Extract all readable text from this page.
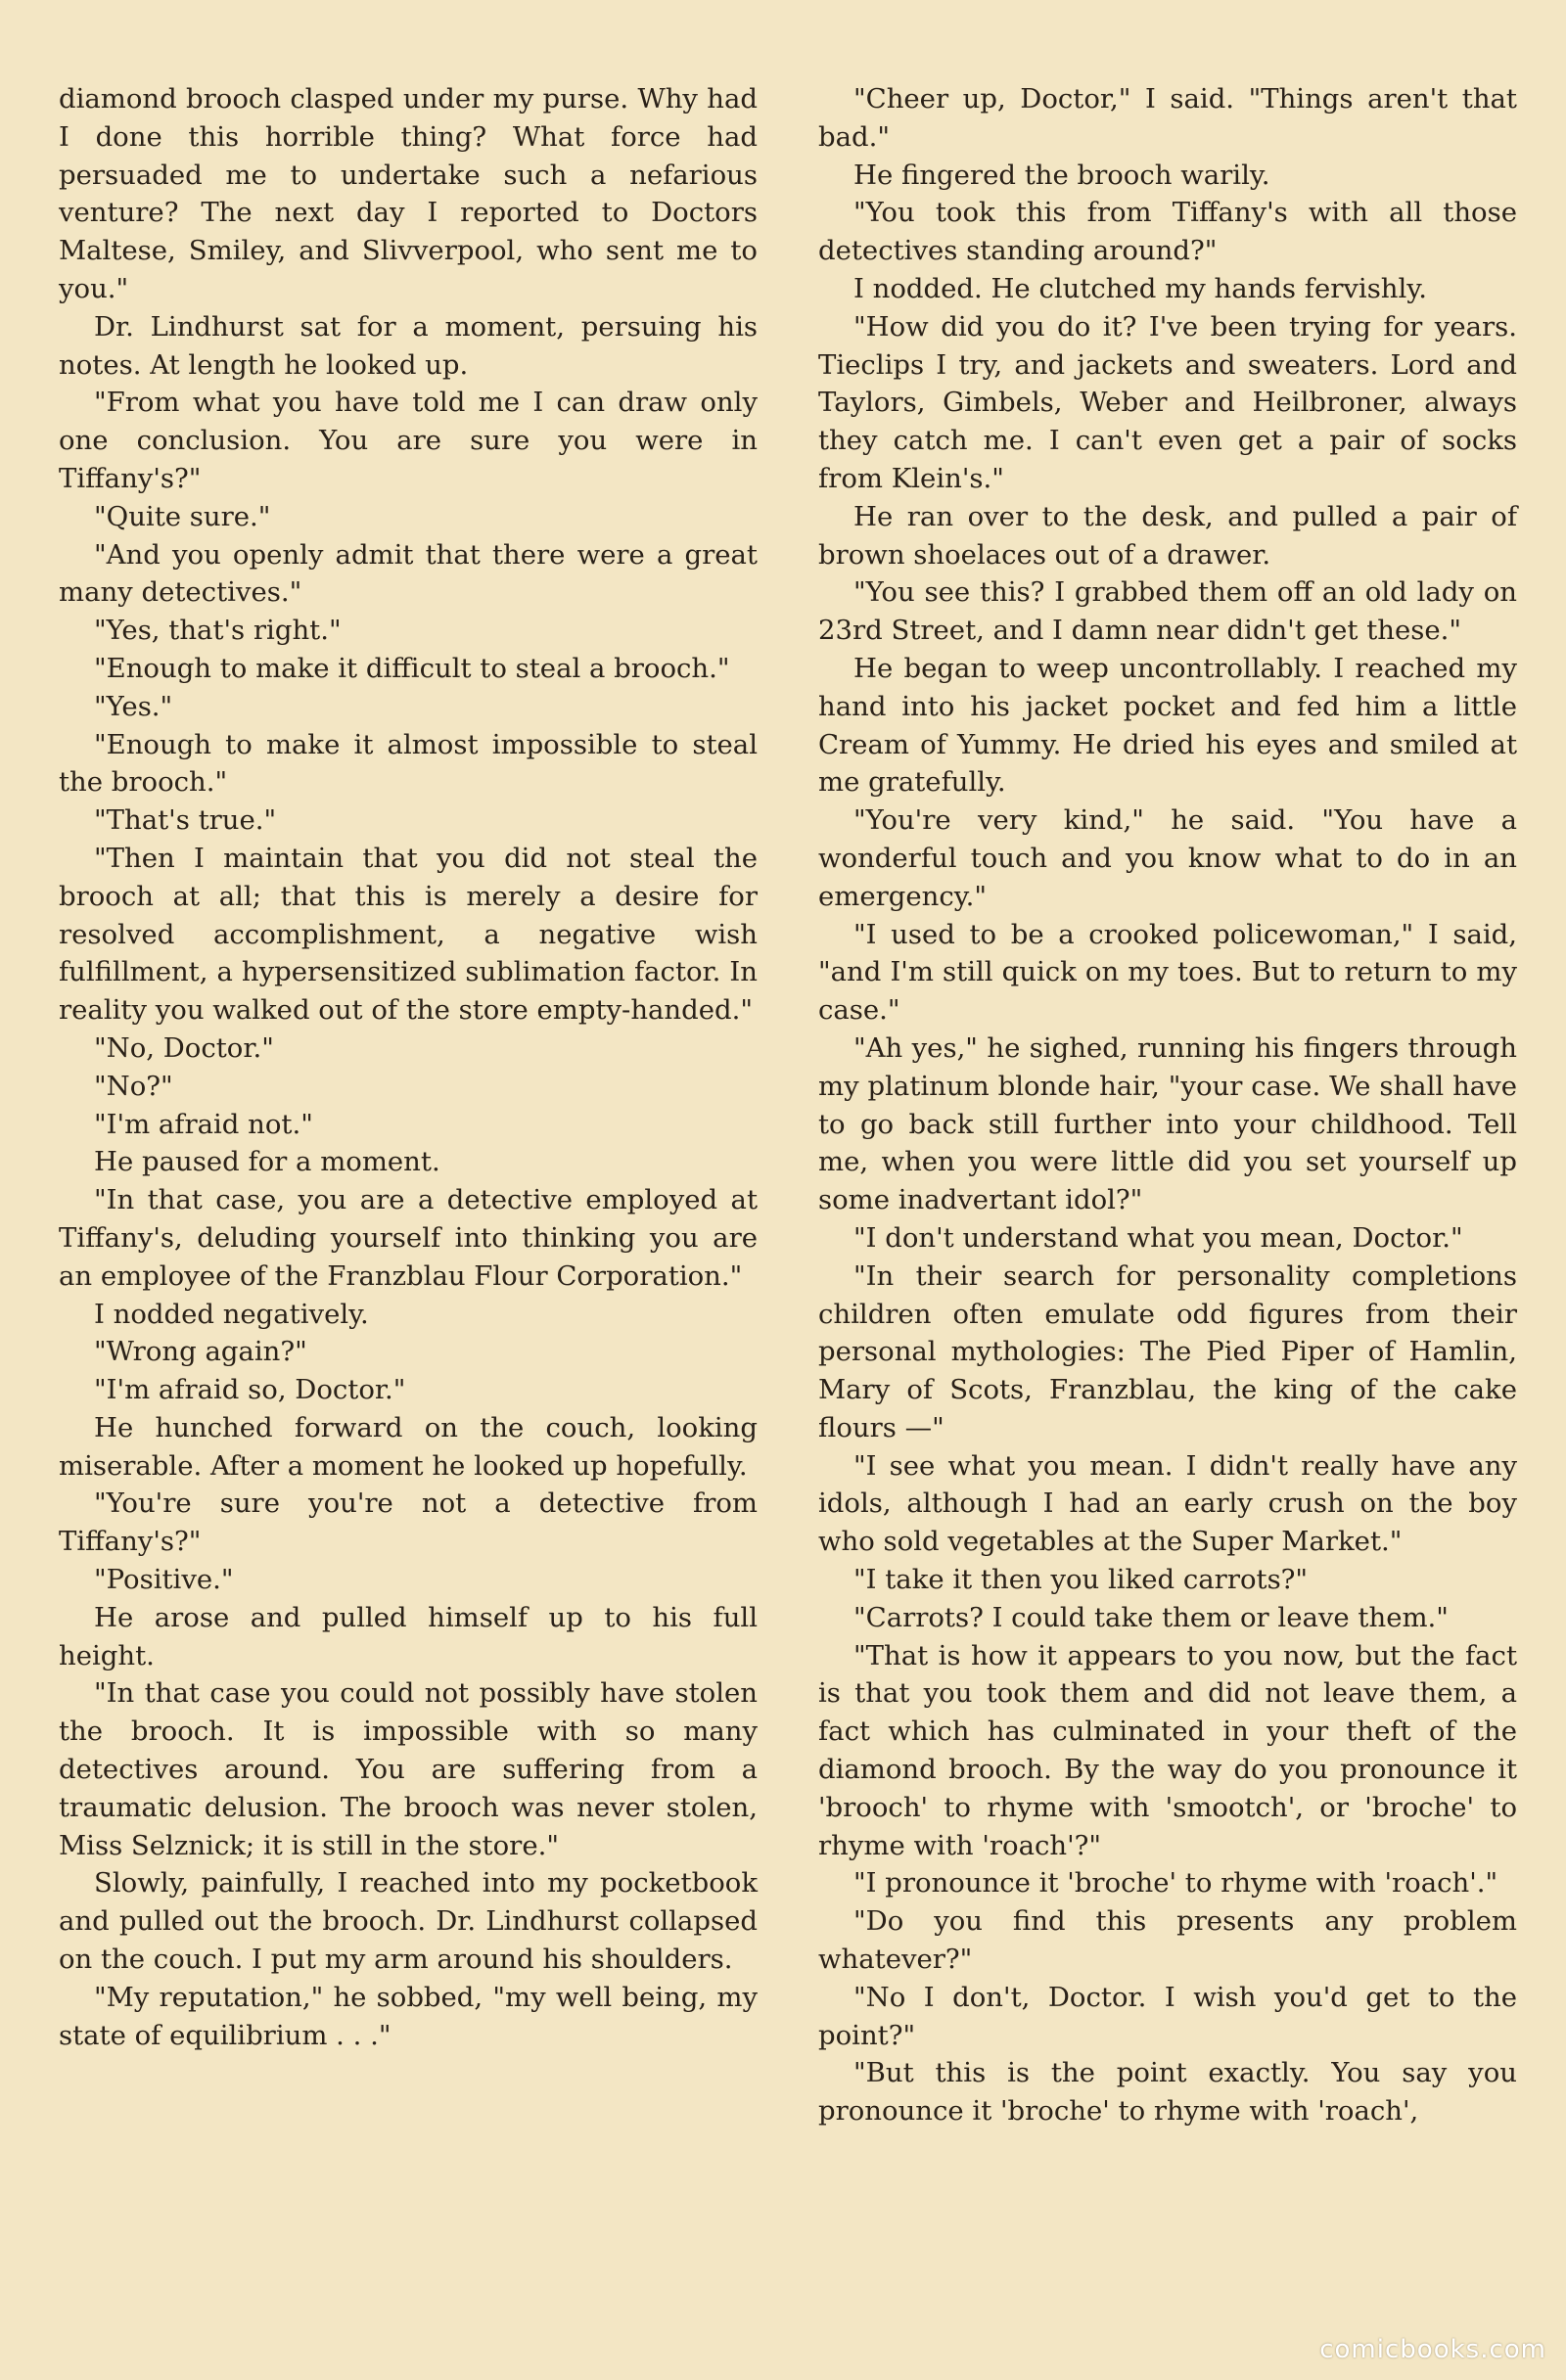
diamond brooch clasped under my purse. Why had I done this horrible thing? What force had persuaded me to undertake such a nefarious venture? The next day I reported to Doctors Maltese, Smiley, and Slivverpool, who sent me to you."

Dr. Lindhurst sat for a moment, persuing his notes. At length he looked up.

"From what you have told me I can draw only one conclusion. You are sure you were in Tiffany's?"

"Quite sure."

"And you openly admit that there were a great many detectives."

"Yes, that's right."

"Enough to make it difficult to steal a brooch."

"Yes."

"Enough to make it almost impossible to steal the brooch."

"That's true."

"Then I maintain that you did not steal the brooch at all; that this is merely a desire for resolved accomplishment, a negative wish fulfillment, a hypersensitized sublimation factor. In reality you walked out of the store empty-handed."

"No, Doctor."

"No?"

"I'm afraid not."

He paused for a moment.

"In that case, you are a detective employed at Tiffany's, deluding yourself into thinking you are an employee of the Franzblau Flour Corporation."

I nodded negatively.

"Wrong again?"

"I'm afraid so, Doctor."

He hunched forward on the couch, looking miserable. After a moment he looked up hopefully.

"You're sure you're not a detective from Tiffany's?"

"Positive."

He arose and pulled himself up to his full height.

"In that case you could not possibly have stolen the brooch. It is impossible with so many detectives around. You are suffering from a traumatic delusion. The brooch was never stolen, Miss Selznick; it is still in the store."

Slowly, painfully, I reached into my pocketbook and pulled out the brooch. Dr. Lindhurst collapsed on the couch. I put my arm around his shoulders.

"My reputation," he sobbed, "my well being, my state of equilibrium . . ."

"Cheer up, Doctor," I said. "Things aren't that bad."

He fingered the brooch warily.

"You took this from Tiffany's with all those detectives standing around?"

I nodded. He clutched my hands fervishly.

"How did you do it? I've been trying for years. Tieclips I try, and jackets and sweaters. Lord and Taylors, Gimbels, Weber and Heilbroner, always they catch me. I can't even get a pair of socks from Klein's."

He ran over to the desk, and pulled a pair of brown shoelaces out of a drawer.

"You see this? I grabbed them off an old lady on 23rd Street, and I damn near didn't get these."

He began to weep uncontrollably. I reached my hand into his jacket pocket and fed him a little Cream of Yummy. He dried his eyes and smiled at me gratefully.

"You're very kind," he said. "You have a wonderful touch and you know what to do in an emergency."

"I used to be a crooked policewoman," I said, "and I'm still quick on my toes. But to return to my case."

"Ah yes," he sighed, running his fingers through my platinum blonde hair, "your case. We shall have to go back still further into your childhood. Tell me, when you were little did you set yourself up some inadvertant idol?"

"I don't understand what you mean, Doctor."

"In their search for personality completions children often emulate odd figures from their personal mythologies: The Pied Piper of Hamlin, Mary of Scots, Franzblau, the king of the cake flours —"

"I see what you mean. I didn't really have any idols, although I had an early crush on the boy who sold vegetables at the Super Market."

"I take it then you liked carrots?"

"Carrots? I could take them or leave them."

"That is how it appears to you now, but the fact is that you took them and did not leave them, a fact which has culminated in your theft of the diamond brooch. By the way do you pronounce it 'brooch' to rhyme with 'smootch', or 'broche' to rhyme with 'roach'?"

"I pronounce it 'broche' to rhyme with 'roach'."

"Do you find this presents any problem whatever?"

"No I don't, Doctor. I wish you'd get to the point?"

"But this is the point exactly. You say you pronounce it 'broche' to rhyme with 'roach',

comicbooks.com
